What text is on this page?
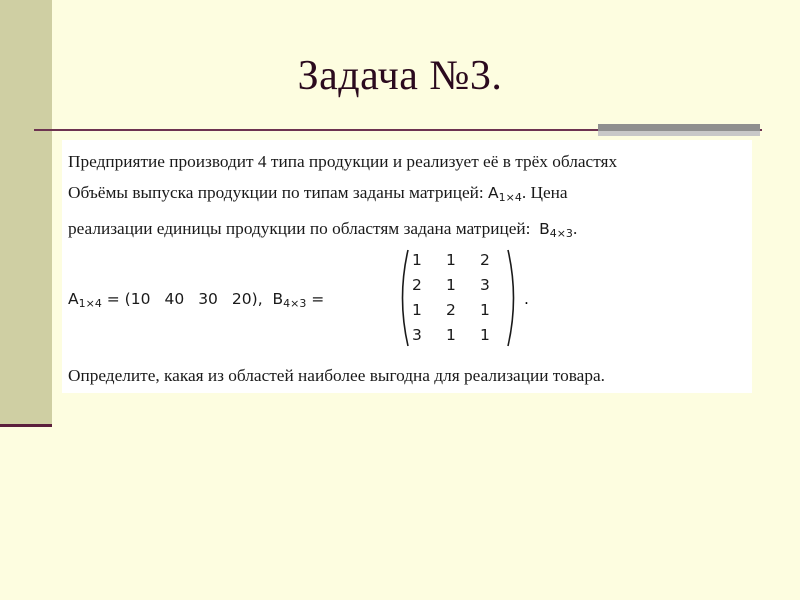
Задача №3.
Предприятие производит 4 типа продукции и реализует её в трёх областях
Объёмы выпуска продукции по типам заданы матрицей: $A_{1\times 4}$. Цена
реализации единицы продукции по областям задана матрицей: $B_{4\times 3}$.
$A_{1\times 4} = (10$ 40 30 20), $B_{4\times 3}$ =
1	1	2
2	1	3
1	2	1
3	1	1
.
Определите, какая из областей наиболее выгодна для реализации товара.
